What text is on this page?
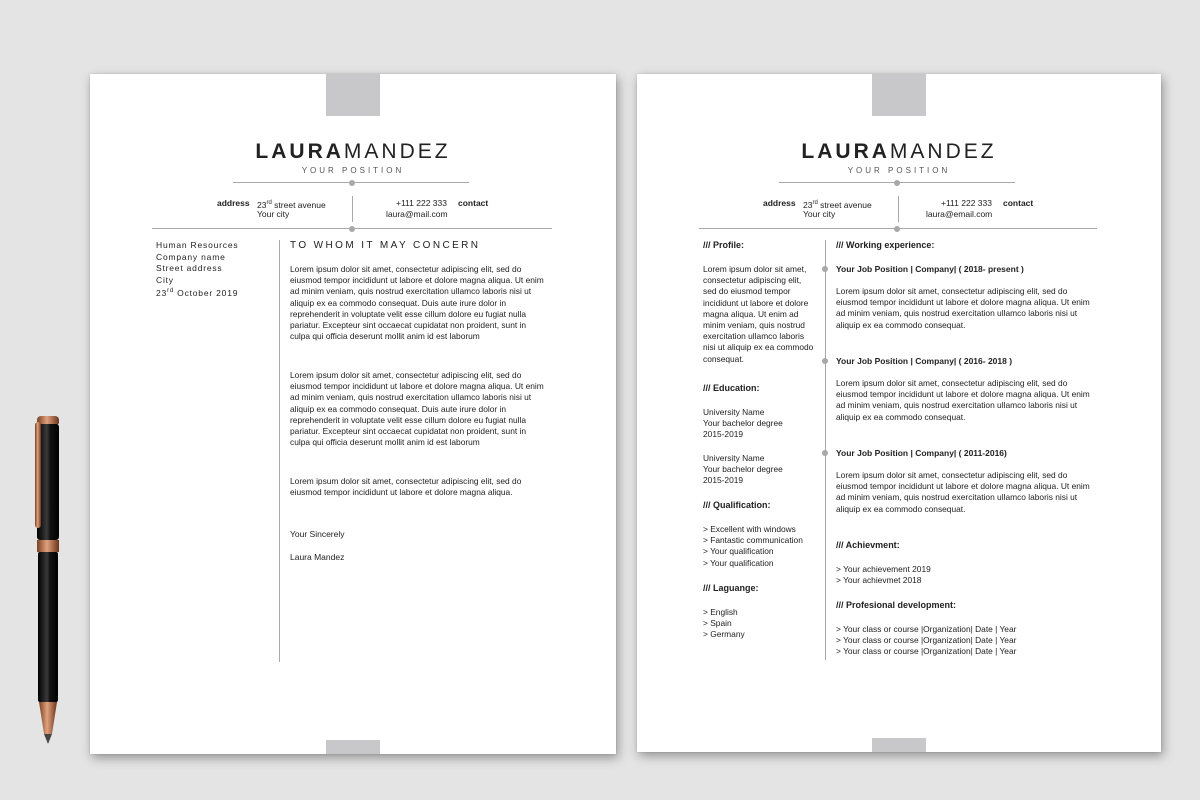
LAURAMANDEZ
YOUR POSITION
address 23rd street avenue
Your city
+111 222 333
laura@mail.com
contact
Human Resources
Company name
Street address
City
23rd October 2019
TO WHOM IT MAY CONCERN
Lorem ipsum dolor sit amet, consectetur adipiscing elit, sed do eiusmod tempor incididunt ut labore et dolore magna aliqua. Ut enim ad minim veniam, quis nostrud exercitation ullamco laboris nisi ut aliquip ex ea commodo consequat. Duis aute irure dolor in reprehenderit in voluptate velit esse cillum dolore eu fugiat nulla pariatur. Excepteur sint occaecat cupidatat non proident, sunt in culpa qui officia deserunt mollit anim id est laborum
Lorem ipsum dolor sit amet, consectetur adipiscing elit, sed do eiusmod tempor incididunt ut labore et dolore magna aliqua. Ut enim ad minim veniam, quis nostrud exercitation ullamco laboris nisi ut aliquip ex ea commodo consequat. Duis aute irure dolor in reprehenderit in voluptate velit esse cillum dolore eu fugiat nulla pariatur. Excepteur sint occaecat cupidatat non proident, sunt in culpa qui officia deserunt mollit anim id est laborum
Lorem ipsum dolor sit amet, consectetur adipiscing elit, sed do eiusmod tempor incididunt ut labore et dolore magna aliqua.
Your Sincerely
Laura Mandez
LAURAMANDEZ
YOUR POSITION
address 23rd street avenue
Your city
+111 222 333
laura@email.com
contact
/// Profile:
Lorem ipsum dolor sit amet, consectetur adipiscing elit, sed do eiusmod tempor incididunt ut labore et dolore magna aliqua. Ut enim ad minim veniam, quis nostrud exercitation ullamco laboris nisi ut aliquip ex ea commodo consequat.
/// Education:
University Name
Your bachelor degree
2015-2019
University Name
Your bachelor degree
2015-2019
/// Qualification:
> Excellent with windows
> Fantastic communication
> Your qualification
> Your qualification
/// Laguange:
> English
> Spain
> Germany
/// Working experience:
Your Job Position | Company| ( 2018- present )
Lorem ipsum dolor sit amet, consectetur adipiscing elit, sed do eiusmod tempor incididunt ut labore et dolore magna aliqua. Ut enim ad minim veniam, quis nostrud exercitation ullamco laboris nisi ut aliquip ex ea commodo consequat.
Your Job Position | Company| ( 2016- 2018 )
Lorem ipsum dolor sit amet, consectetur adipiscing elit, sed do eiusmod tempor incididunt ut labore et dolore magna aliqua. Ut enim ad minim veniam, quis nostrud exercitation ullamco laboris nisi ut aliquip ex ea commodo consequat.
Your Job Position | Company| ( 2011-2016)
Lorem ipsum dolor sit amet, consectetur adipiscing elit, sed do eiusmod tempor incididunt ut labore et dolore magna aliqua. Ut enim ad minim veniam, quis nostrud exercitation ullamco laboris nisi ut aliquip ex ea commodo consequat.
/// Achievment:
> Your achievement 2019
> Your achievmet 2018
/// Profesional development:
> Your class or course |Organization| Date | Year
> Your class or course |Organization| Date | Year
> Your class or course |Organization| Date | Year
